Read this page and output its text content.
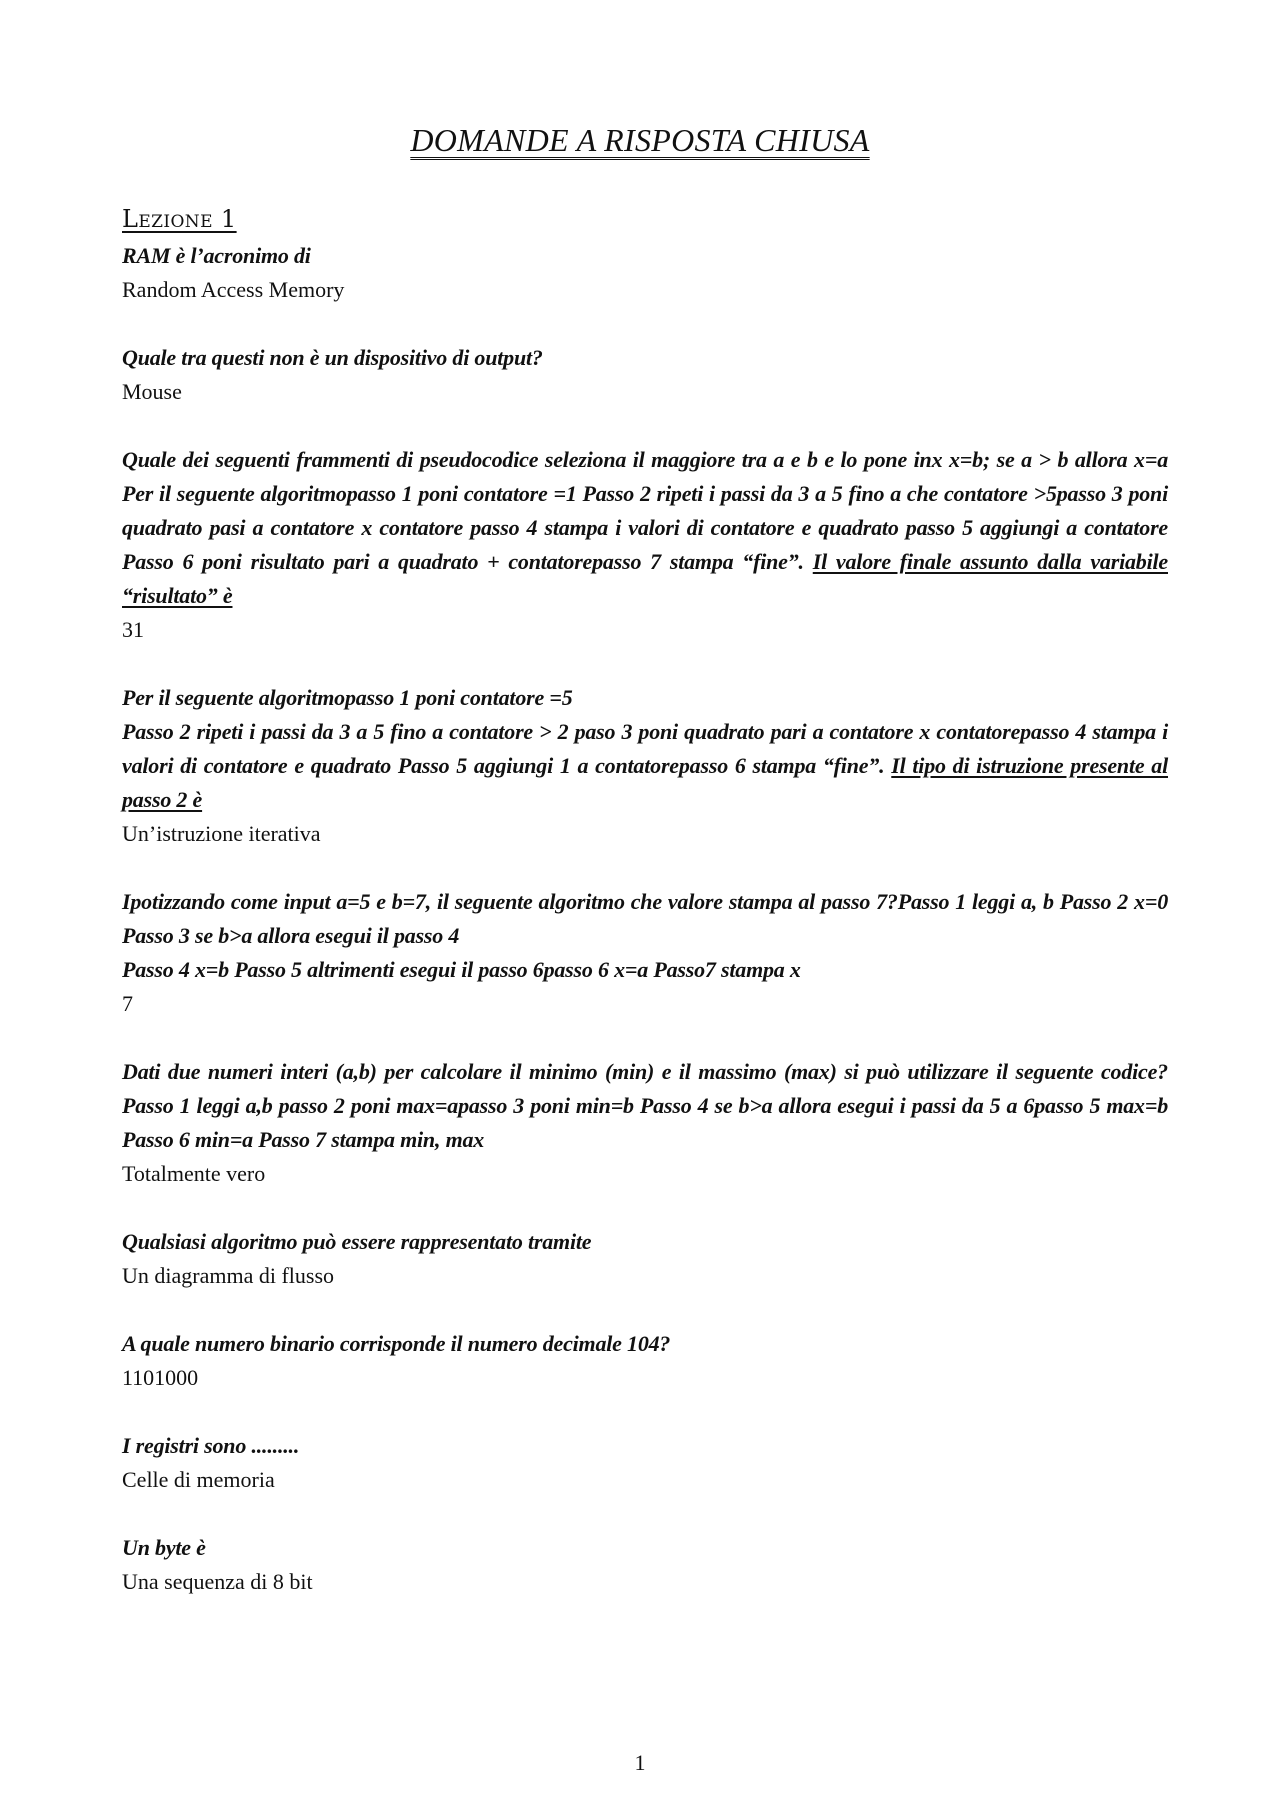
DOMANDE A RISPOSTA CHIUSA
Lezione 1

RAM è l’acronimo di

Random Access Memory

Quale tra questi non è un dispositivo di output?

Mouse

Quale dei seguenti frammenti di pseudocodice seleziona il maggiore tra a e b e lo pone inx x=b; se a > b allora x=a Per il seguente algoritmopasso 1 poni contatore =1 Passo 2 ripeti i passi da 3 a 5 fino a che contatore >5passo 3 poni quadrato pasi a contatore x contatore passo 4 stampa i valori di contatore e quadrato passo 5 aggiungi a contatore Passo 6 poni risultato pari a quadrato + contatorepasso 7 stampa “fine”. Il valore finale assunto dalla variabile “risultato” è

31

Per il seguente algoritmopasso 1 poni contatore =5
Passo 2 ripeti i passi da 3 a 5 fino a contatore > 2 paso 3 poni quadrato pari a contatore x contatorepasso 4 stampa i valori di contatore e quadrato Passo 5 aggiungi 1 a contatorepasso 6 stampa “fine”. Il tipo di istruzione presente al passo 2 è

Un’istruzione iterativa

Ipotizzando come input a=5 e b=7, il seguente algoritmo che valore stampa al passo 7?Passo 1 leggi a, b Passo 2 x=0 Passo 3 se b>a allora esegui il passo 4
Passo 4 x=b Passo 5 altrimenti esegui il passo 6passo 6 x=a Passo7 stampa x

7

Dati due numeri interi (a,b) per calcolare il minimo (min) e il massimo (max) si può utilizzare il seguente codice? Passo 1 leggi a,b passo 2 poni max=apasso 3 poni min=b Passo 4 se b>a allora esegui i passi da 5 a 6passo 5 max=b Passo 6 min=a Passo 7 stampa min, max

Totalmente vero

Qualsiasi algoritmo può essere rappresentato tramite

Un diagramma di flusso

A quale numero binario corrisponde il numero decimale 104?

1101000

I registri sono .........

Celle di memoria

Un byte è

Una sequenza di 8 bit

1
